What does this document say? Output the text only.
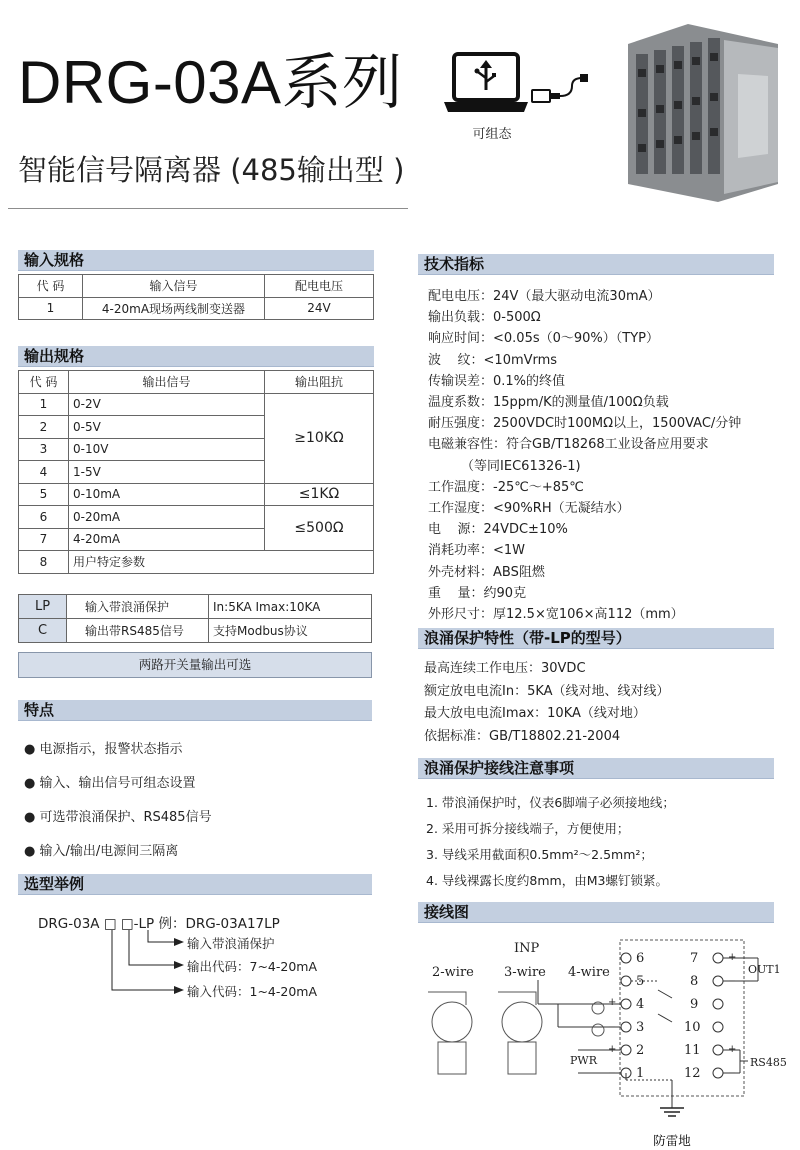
DRG-03A系列
智能信号隔离器 (485输出型 )
可组态
输入规格
代 码	输入信号	配电电压
1	4-20mA现场两线制变送器	24V
输出规格
代 码	输出信号	输出阻抗
1	0-2V	≥10KΩ
2	0-5V	
3	0-10V	
4	1-5V	
5	0-10mA	≤1KΩ
6	0-20mA	≤500Ω
7	4-20mA	
8	用户特定参数	
LP	输入带浪涌保护	In:5KA Imax:10KA
C	输出带RS485信号	支持Modbus协议
两路开关量输出可选
特点
● 电源指示，报警状态指示
● 输入、输出信号可组态设置
● 可选带浪涌保护、RS485信号
● 输入/输出/电源间三隔离
选型举例
DRG-03A □ □-LP 例：DRG-03A17LP
输入带浪涌保护
输出代码：7~4-20mA
输入代码：1~4-20mA
技术指标
配电电压：24V（最大驱动电流30mA）
输出负载：0-500Ω
响应时间：<0.05s（0～90%）（TYP）
波    纹：<10mVrms
传输误差：0.1%的终值
温度系数：15ppm/K的测量值/100Ω负载
耐压强度：2500VDC时100MΩ以上，1500VAC/分钟
电磁兼容性：符合GB/T18268工业设备应用要求
（等同IEC61326-1)
工作温度：-25℃～+85℃
工作湿度：<90%RH（无凝结水）
电    源：24VDC±10%
消耗功率：<1W
外壳材料：ABS阻燃
重    量：约90克
外形尺寸：厚12.5×宽106×高112（mm）
浪涌保护特性（带-LP的型号）
最高连续工作电压：30VDC
额定放电电流In：5KA（线对地、线对线）
最大放电电流Imax：10KA（线对地）
依据标准：GB/T18802.21-2004
浪涌保护接线注意事项
1. 带浪涌保护时，仪表6脚端子必须接地线；
2. 采用可拆分接线端子，方便使用；
3. 导线采用截面积0.5mm²～2.5mm²；
4. 导线裸露长度约8mm，由M3螺钉锁紧。
接线图
6
5
4
3
2
1
7
8
9
10
11
12
+
−
+
−
+
−
+
−
INP
2-wire 3-wire 4-wire	OUT1
RS485
PWR
防雷地
